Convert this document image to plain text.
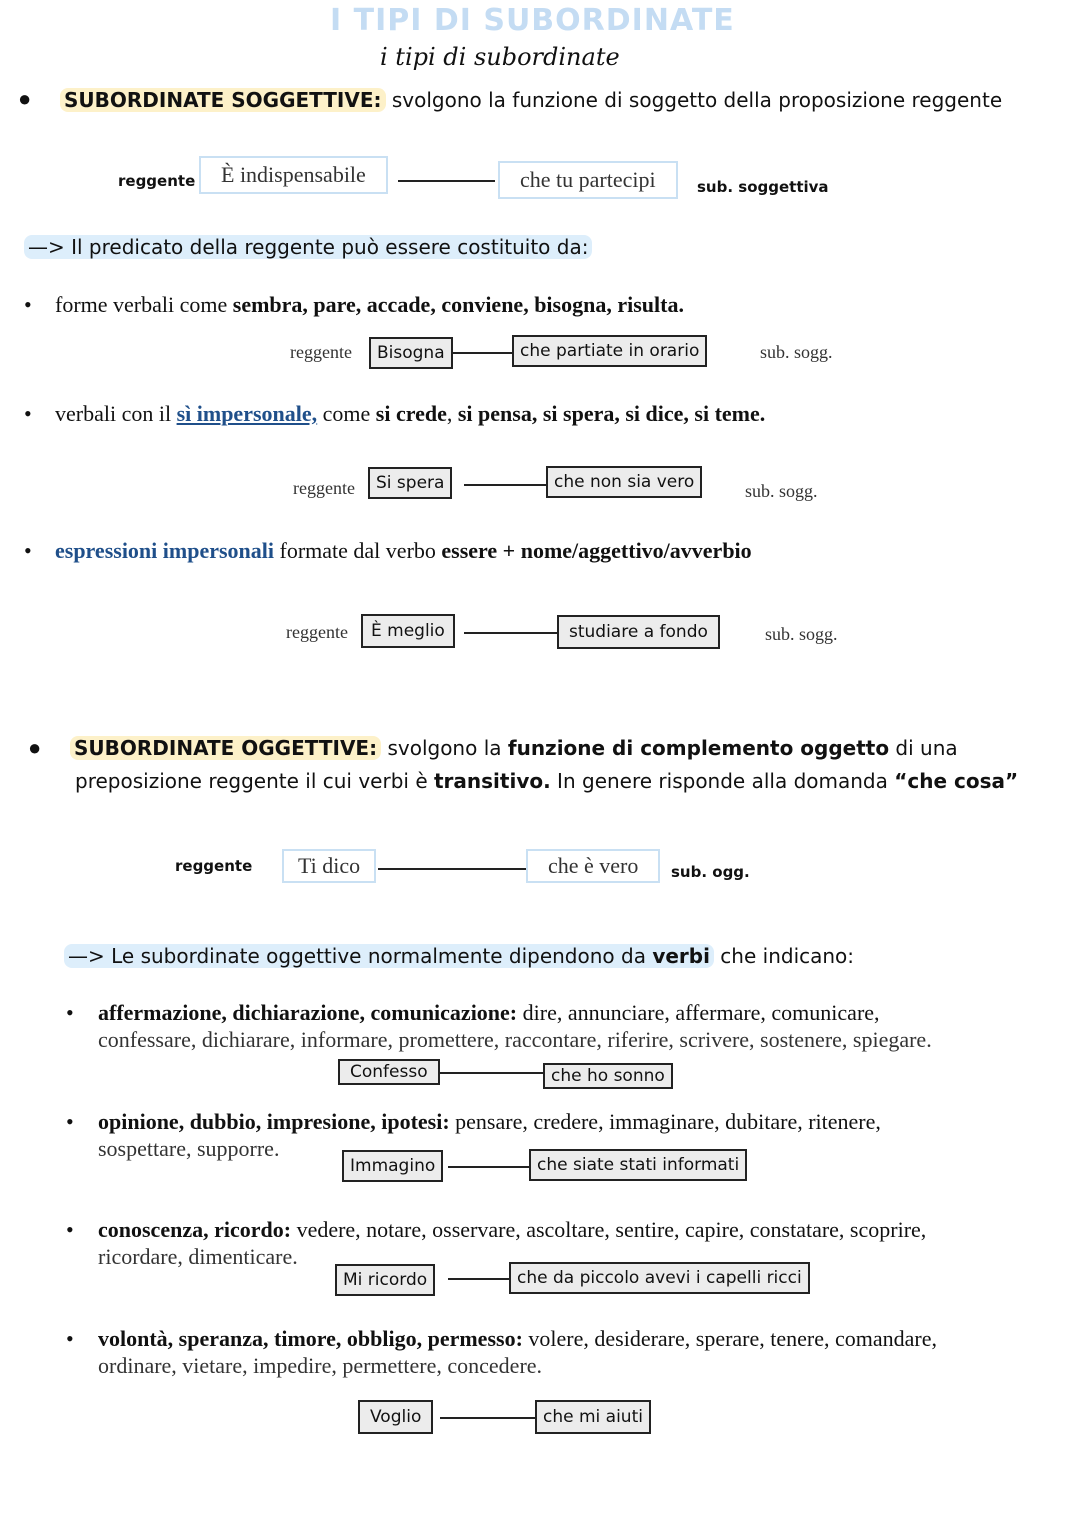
I TIPI DI SUBORDINATE
i tipi di subordinate
● SUBORDINATE SOGGETTIVE: svolgono la funzione di soggetto della proposizione reggente
reggente	È indispensabile	che tu partecipi	sub. soggettiva
—> Il predicato della reggente può essere costituito da:
• forme verbali come sembra, pare, accade, conviene, bisogna, risulta.
reggente	Bisogna	che partiate in orario	sub. sogg.
• verbali con il sì impersonale, come si crede, si pensa, si spera, si dice, si teme.
reggente	Si spera	che non sia vero	sub. sogg.
• espressioni impersonali formate dal verbo essere + nome/aggettivo/avverbio
reggente	È meglio	studiare a fondo	sub. sogg.
● SUBORDINATE OGGETTIVE: svolgono la funzione di complemento oggetto di una
preposizione reggente il cui verbi è transitivo. In genere risponde alla domanda “che cosa”
reggente	Ti dico	che è vero	sub. ogg.
—> Le subordinate oggettive normalmente dipendono da verbi che indicano:
• affermazione, dichiarazione, comunicazione: dire, annunciare, affermare, comunicare,
confessare, dichiarare, informare, promettere, raccontare, riferire, scrivere, sostenere, spiegare.
Confesso	che ho sonno
• opinione, dubbio, impresione, ipotesi: pensare, credere, immaginare, dubitare, ritenere,
sospettare, supporre.
Immagino	che siate stati informati
• conoscenza, ricordo: vedere, notare, osservare, ascoltare, sentire, capire, constatare, scoprire,
ricordare, dimenticare.
Mi ricordo	che da piccolo avevi i capelli ricci
• volontà, speranza, timore, obbligo, permesso: volere, desiderare, sperare, tenere, comandare,
ordinare, vietare, impedire, permettere, concedere.
Voglio	che mi aiuti
